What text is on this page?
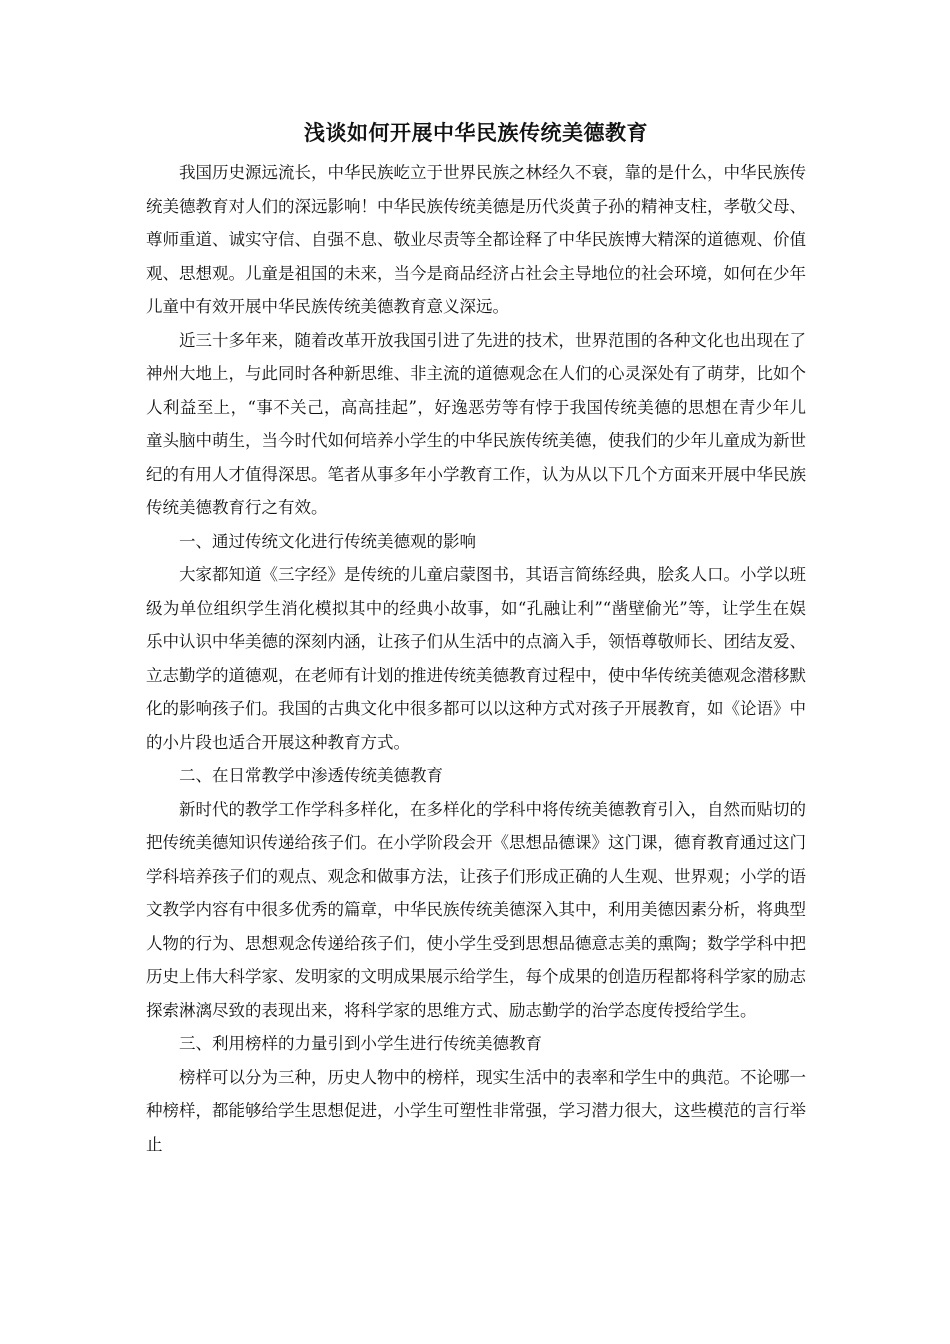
浅谈如何开展中华民族传统美德教育

我国历史源远流长，中华民族屹立于世界民族之林经久不衰，靠的是什么，中华民族传统美德教育对人们的深远影响！中华民族传统美德是历代炎黄子孙的精神支柱，孝敬父母、尊师重道、诚实守信、自强不息、敬业尽责等全都诠释了中华民族博大精深的道德观、价值观、思想观。儿童是祖国的未来，当今是商品经济占社会主导地位的社会环境，如何在少年儿童中有效开展中华民族传统美德教育意义深远。

近三十多年来，随着改革开放我国引进了先进的技术，世界范围的各种文化也出现在了神州大地上，与此同时各种新思维、非主流的道德观念在人们的心灵深处有了萌芽，比如个人利益至上，“事不关己，高高挂起”，好逸恶劳等有悖于我国传统美德的思想在青少年儿童头脑中萌生，当今时代如何培养小学生的中华民族传统美德，使我们的少年儿童成为新世纪的有用人才值得深思。笔者从事多年小学教育工作，认为从以下几个方面来开展中华民族传统美德教育行之有效。

一、通过传统文化进行传统美德观的影响

大家都知道《三字经》是传统的儿童启蒙图书，其语言简练经典，脍炙人口。小学以班级为单位组织学生消化模拟其中的经典小故事，如“孔融让利”“凿壁偷光”等，让学生在娱乐中认识中华美德的深刻内涵，让孩子们从生活中的点滴入手，领悟尊敬师长、团结友爱、立志勤学的道德观，在老师有计划的推进传统美德教育过程中，使中华传统美德观念潜移默化的影响孩子们。我国的古典文化中很多都可以以这种方式对孩子开展教育，如《论语》中的小片段也适合开展这种教育方式。

二、在日常教学中渗透传统美德教育

新时代的教学工作学科多样化，在多样化的学科中将传统美德教育引入，自然而贴切的把传统美德知识传递给孩子们。在小学阶段会开《思想品德课》这门课，德育教育通过这门学科培养孩子们的观点、观念和做事方法，让孩子们形成正确的人生观、世界观；小学的语文教学内容有中很多优秀的篇章，中华民族传统美德深入其中，利用美德因素分析，将典型人物的行为、思想观念传递给孩子们，使小学生受到思想品德意志美的熏陶；数学学科中把历史上伟大科学家、发明家的文明成果展示给学生，每个成果的创造历程都将科学家的励志探索淋漓尽致的表现出来，将科学家的思维方式、励志勤学的治学态度传授给学生。

三、利用榜样的力量引到小学生进行传统美德教育

榜样可以分为三种，历史人物中的榜样，现实生活中的表率和学生中的典范。不论哪一种榜样，都能够给学生思想促进，小学生可塑性非常强，学习潜力很大，这些模范的言行举止
